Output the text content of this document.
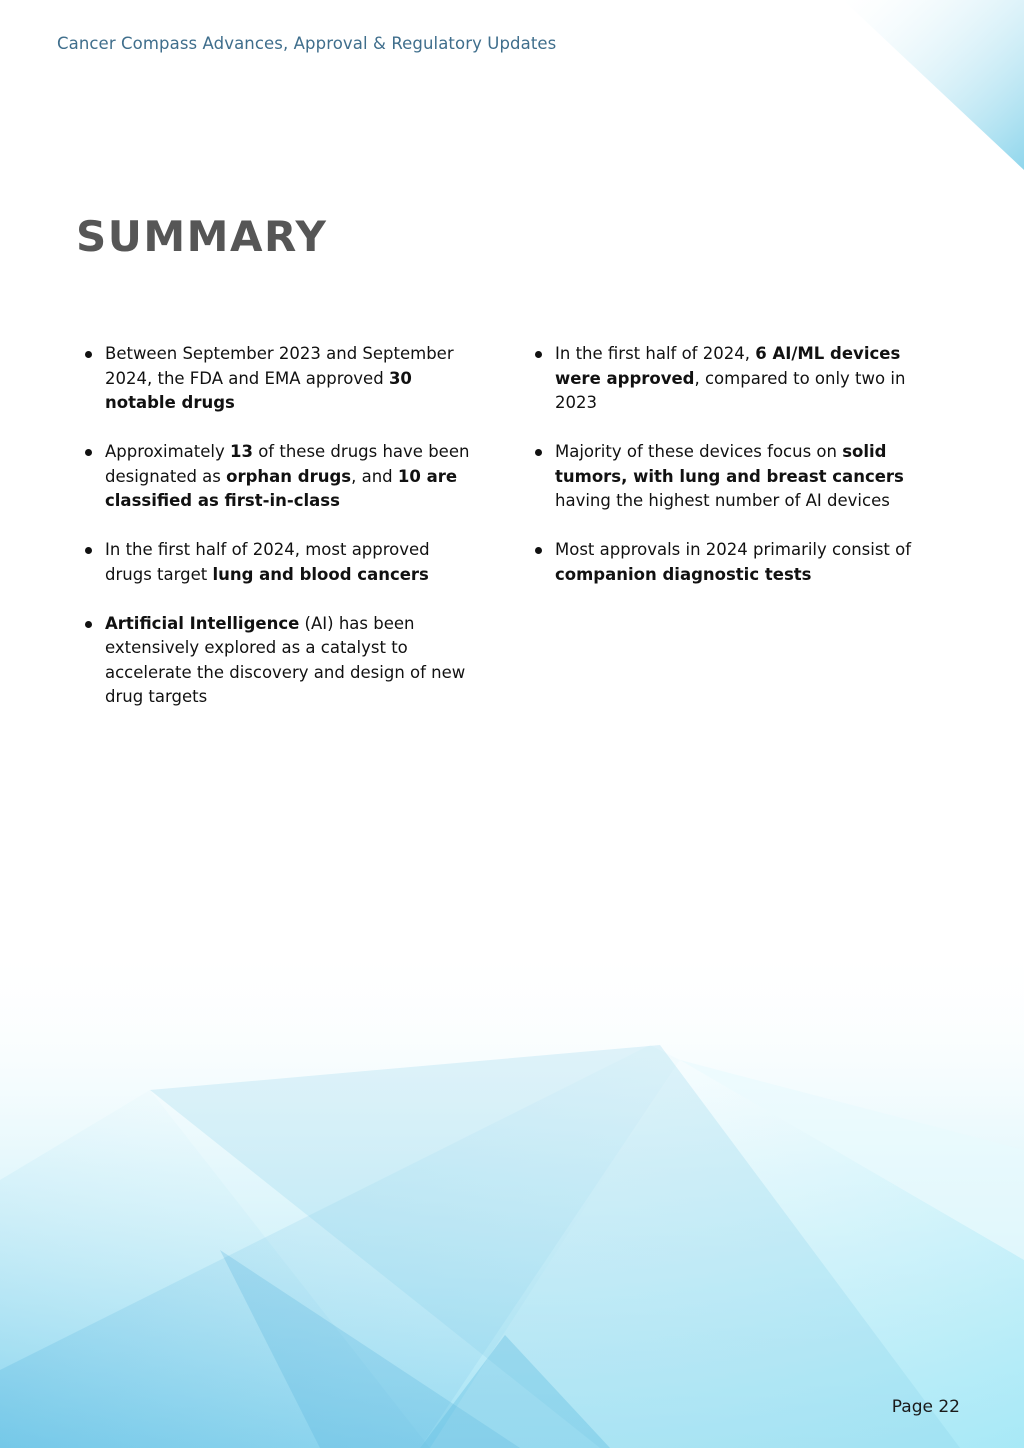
Cancer Compass Advances, Approval & Regulatory Updates
SUMMARY
Between September 2023 and September 2024, the FDA and EMA approved 30 notable drugs
Approximately 13 of these drugs have been designated as orphan drugs, and 10 are classified as first-in-class
In the first half of 2024, most approved drugs target lung and blood cancers
Artificial Intelligence (AI) has been extensively explored as a catalyst to accelerate the discovery and design of new drug targets
In the first half of 2024, 6 AI/ML devices were approved, compared to only two in 2023
Majority of these devices focus on solid tumors, with lung and breast cancers having the highest number of AI devices
Most approvals in 2024 primarily consist of companion diagnostic tests
Page 22
